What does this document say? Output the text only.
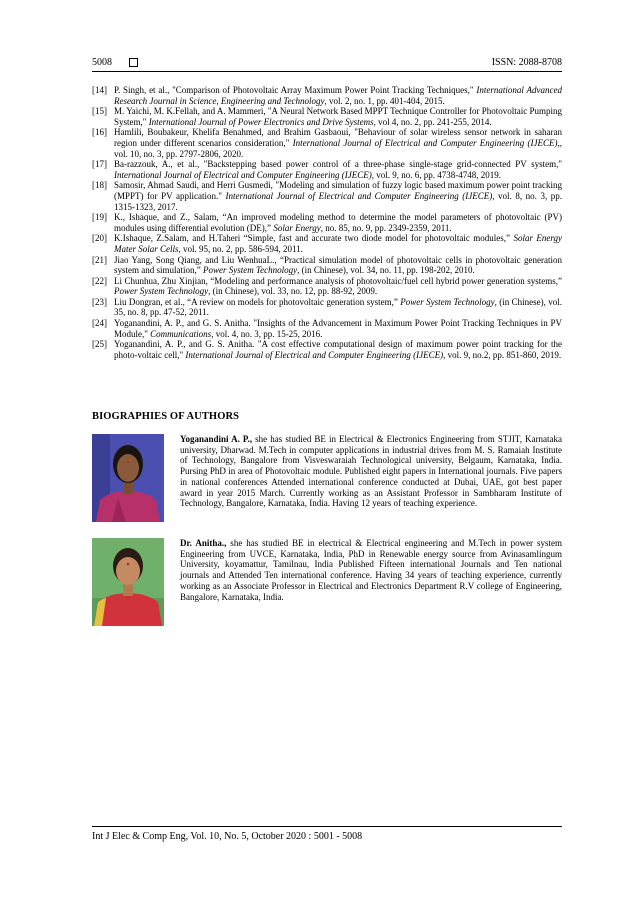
5008	ISSN: 2088-8708
[14] P. Singh, et al., "Comparison of Photovoltaic Array Maximum Power Point Tracking Techniques," International Advanced Research Journal in Science, Engineering and Technology, vol. 2, no. 1, pp. 401-404, 2015.
[15] M. Yaichi, M. K.Fellah, and A. Mammeri, "A Neural Network Based MPPT Technique Controller for Photovoltaic Pumping System," International Journal of Power Electronics and Drive Systems, vol 4, no. 2, pp. 241-255, 2014.
[16] Hamlili, Boubakeur, Khelifa Benahmed, and Brahim Gasbaoui, "Behaviour of solar wireless sensor network in saharan region under different scenarios consideration," International Journal of Electrical and Computer Engineering (IJECE),, vol. 10, no. 3, pp. 2797-2806, 2020.
[17] Ba-razzouk, A., et al., "Backstepping based power control of a three-phase single-stage grid-connected PV system," International Journal of Electrical and Computer Engineering (IJECE), vol. 9, no. 6, pp. 4738-4748, 2019.
[18] Samosir, Ahmad Saudi, and Herri Gusmedi, "Modeling and simulation of fuzzy logic based maximum power point tracking (MPPT) for PV application." International Journal of Electrical and Computer Engineering (IJECE), vol. 8, no. 3, pp. 1315-1323, 2017.
[19] K., Ishaque, and Z., Salam, “An improved modeling method to determine the model parameters of photovoltaic (PV) modules using differential evolution (DE),” Solar Energy, no. 85, no. 9, pp. 2349-2359, 2011.
[20] K.Ishaque, Z.Salam, and H.Taheri “Simple, fast and accurate two diode model for photovoltaic modules,” Solar Energy Mater Solar Cells, vol. 95, no. 2, pp. 586-594, 2011.
[21] Jiao Yang, Song Qiang, and Liu WenhuaL., “Practical simulation model of photovoltaic cells in photovoltaic generation system and simulation,” Power System Technology, (in Chinese), vol. 34, no. 11, pp. 198-202, 2010.
[22] Li Chunhua, Zhu Xinjian, “Modeling and performance analysis of photovoltaic/fuel cell hybrid power generation systems,” Power System Technology, (in Chinese), vol. 33, no. 12, pp. 88-92, 2009.
[23] Liu Dongran, et al., “A review on models for photovoltaic generation system,” Power System Technology, (in Chinese), vol. 35, no. 8, pp. 47-52, 2011.
[24] Yoganandini, A. P., and G. S. Anitha. "Insights of the Advancement in Maximum Power Point Tracking Techniques in PV Module," Communications, vol. 4, no. 3, pp. 15-25, 2016.
[25] Yoganandini, A. P., and G. S. Anitha. "A cost effective computational design of maximum power point tracking for the photo-voltaic cell," International Journal of Electrical and Computer Engineering (IJECE), vol. 9, no.2, pp. 851-860, 2019.
BIOGRAPHIES OF AUTHORS

Yoganandini A. P., she has studied BE in Electrical & Electronics Engineering from STJIT, Karnataka university, Dharwad. M.Tech in computer applications in industrial drives from M. S. Ramaiah Institute of Technology, Bangalore from Visveswaraiah Technological university, Belgaum, Karnataka, India. Pursing PhD in area of Photovoltaic module. Published eight papers in International journals. Five papers in national conferences Attended international conference conducted at Dubai, UAE, got best paper award in year 2015 March. Currently working as an Assistant Professor in Sambharam Institute of Technology, Bangalore, Karnataka, India. Having 12 years of teaching experience.

Dr. Anitha., she has studied BE in electrical & Electrical engineering and M.Tech in power system Engineering from UVCE, Karnataka, India, PhD in Renewable energy source from Avinasamlingum University, koyamattur, Tamilnau, India Published Fifteen international Journals and Ten national journals and Attended Ten international conference. Having 34 years of teaching experience, currently working as an Associate Professor in Electrical and Electronics Department R.V college of Engineering, Bangalore, Karnataka, India.

Int J Elec & Comp Eng, Vol. 10, No. 5, October 2020 : 5001 - 5008
